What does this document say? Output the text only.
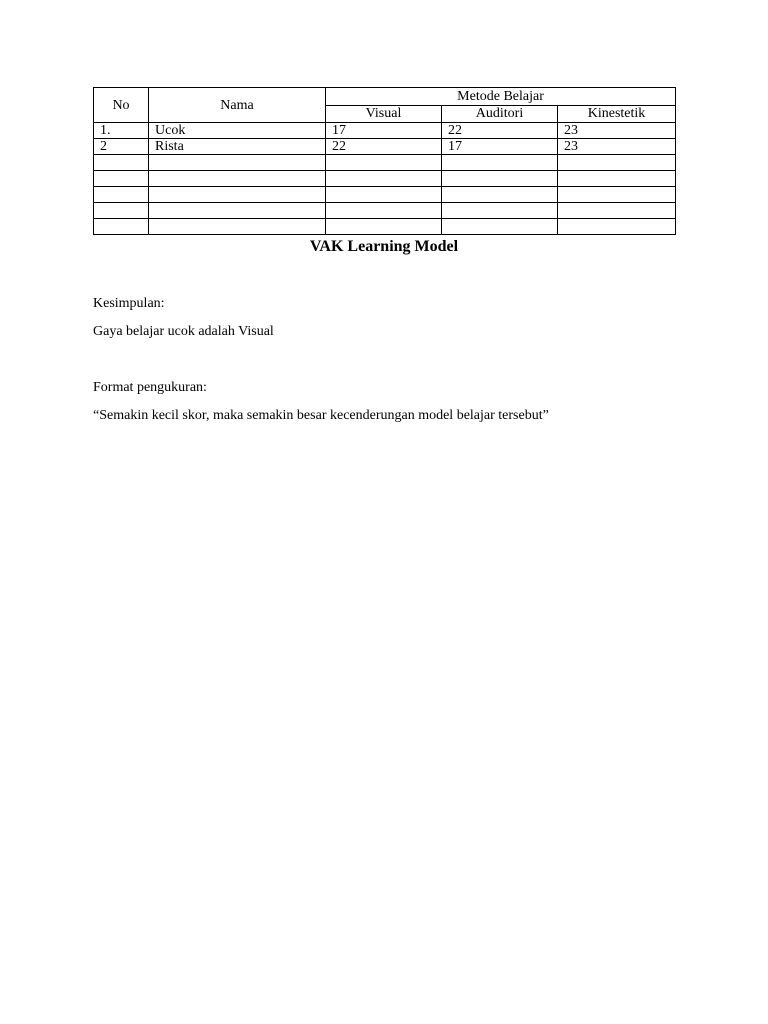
No	Nama	Metode Belajar		
		Visual	Auditori	Kinestetik
1.	Ucok	17	22	23
2	Rista	22	17	23

VAK Learning Model
Kesimpulan:
Gaya belajar ucok adalah Visual
Format pengukuran:
“Semakin kecil skor, maka semakin besar kecenderungan model belajar tersebut”
